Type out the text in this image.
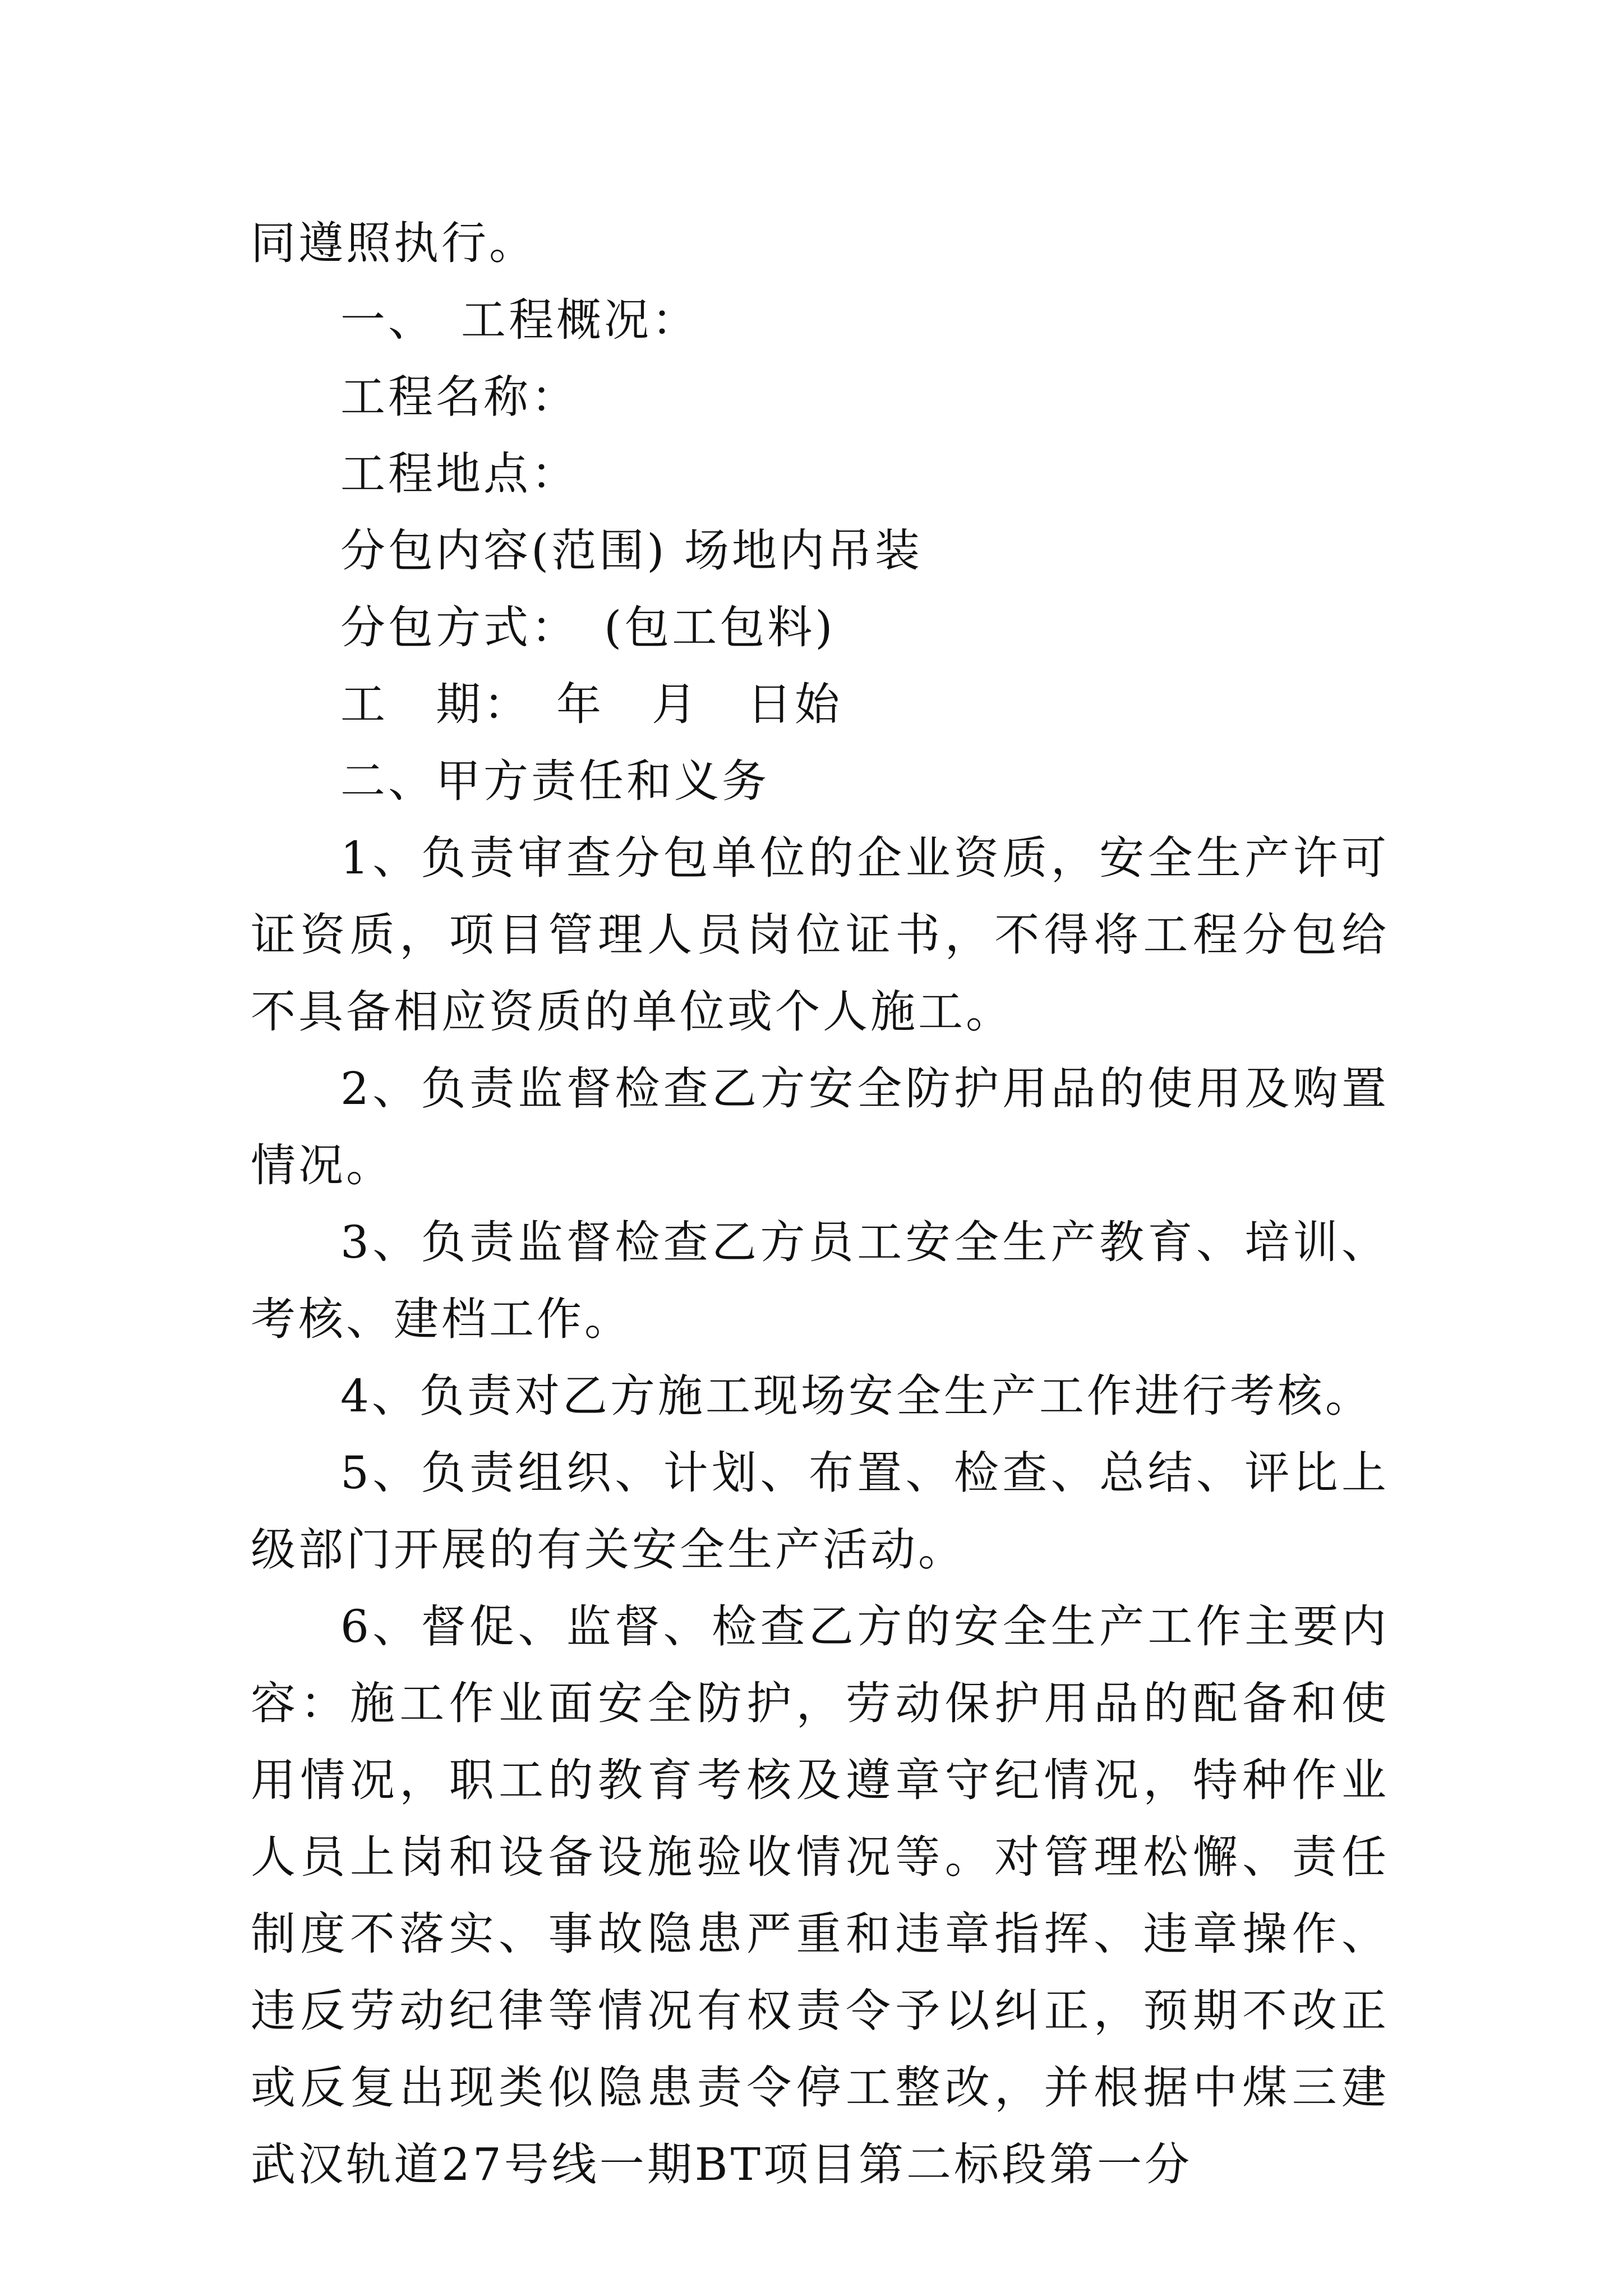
同遵照执行。

一、　工程概况：

工程名称：

工程地点：

分包内容(范围) 场地内吊装

分包方式：　(包工包料)

工　期：　年　月　日始

二、甲方责任和义务

1、负责审查分包单位的企业资质，安全生产许可证资质，项目管理人员岗位证书，不得将工程分包给不具备相应资质的单位或个人施工。

2、负责监督检查乙方安全防护用品的使用及购置情况。

3、负责监督检查乙方员工安全生产教育、培训、考核、建档工作。

4、负责对乙方施工现场安全生产工作进行考核。

5、负责组织、计划、布置、检查、总结、评比上级部门开展的有关安全生产活动。

6、督促、监督、检查乙方的安全生产工作主要内容：施工作业面安全防护，劳动保护用品的配备和使用情况，职工的教育考核及遵章守纪情况，特种作业人员上岗和设备设施验收情况等。对管理松懈、责任制度不落实、事故隐患严重和违章指挥、违章操作、违反劳动纪律等情况有权责令予以纠正，预期不改正或反复出现类似隐患责令停工整改，并根据中煤三建武汉轨道27号线一期BT项目第二标段第一分
